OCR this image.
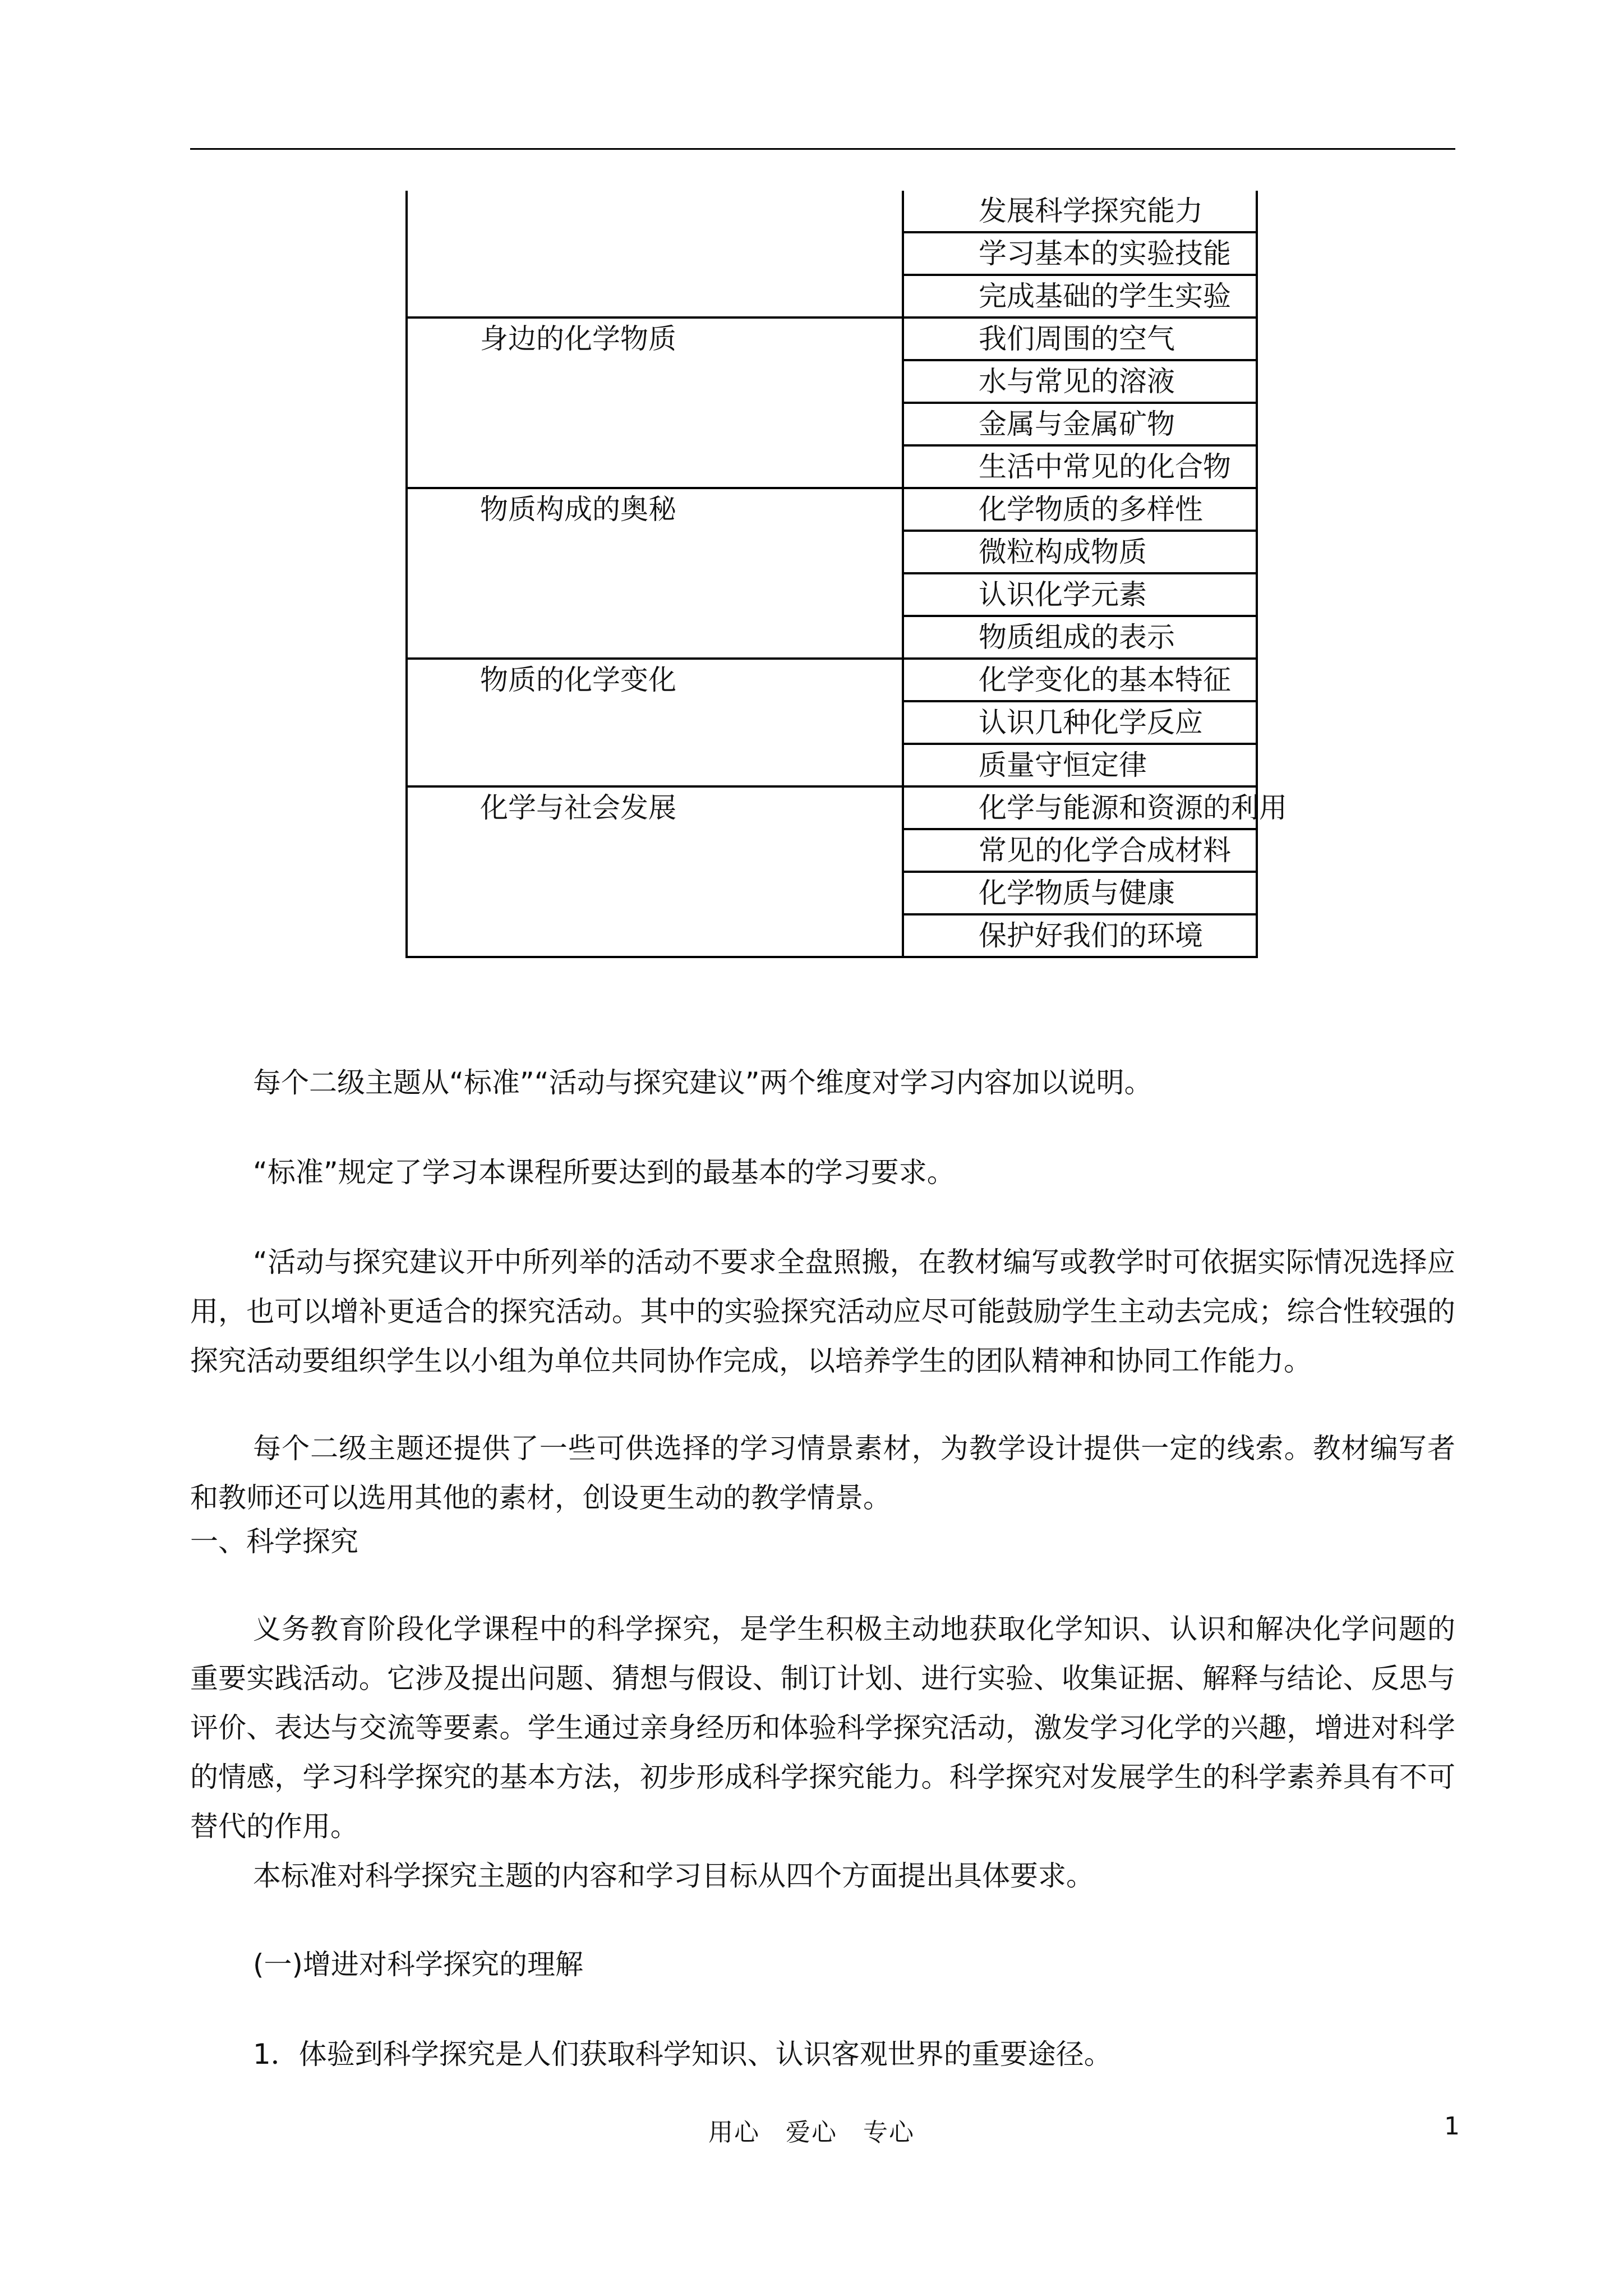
	发展科学探究能力
	学习基本的实验技能
	完成基础的学生实验
身边的化学物质	我们周围的空气
	水与常见的溶液
	金属与金属矿物
	生活中常见的化合物
物质构成的奥秘	化学物质的多样性
	微粒构成物质
	认识化学元素
	物质组成的表示
物质的化学变化	化学变化的基本特征
	认识几种化学反应
	质量守恒定律
化学与社会发展	化学与能源和资源的利用
	常见的化学合成材料
	化学物质与健康
	保护好我们的环境

每个二级主题从“标准”“活动与探究建议”两个维度对学习内容加以说明。

“标准”规定了学习本课程所要达到的最基本的学习要求。

“活动与探究建议开中所列举的活动不要求全盘照搬，在教材编写或教学时可依据实际情况选择应用，也可以增补更适合的探究活动。其中的实验探究活动应尽可能鼓励学生主动去完成；综合性较强的探究活动要组织学生以小组为单位共同协作完成，以培养学生的团队精神和协同工作能力。

每个二级主题还提供了一些可供选择的学习情景素材，为教学设计提供一定的线索。教材编写者和教师还可以选用其他的素材，创设更生动的教学情景。

一、科学探究

义务教育阶段化学课程中的科学探究，是学生积极主动地获取化学知识、认识和解决化学问题的重要实践活动。它涉及提出问题、猜想与假设、制订计划、进行实验、收集证据、解释与结论、反思与评价、表达与交流等要素。学生通过亲身经历和体验科学探究活动，激发学习化学的兴趣，增进对科学的情感，学习科学探究的基本方法，初步形成科学探究能力。科学探究对发展学生的科学素养具有不可替代的作用。

本标准对科学探究主题的内容和学习目标从四个方面提出具体要求。

(一)增进对科学探究的理解

1．体验到科学探究是人们获取科学知识、认识客观世界的重要途径。

用心　爱心　专心	1
